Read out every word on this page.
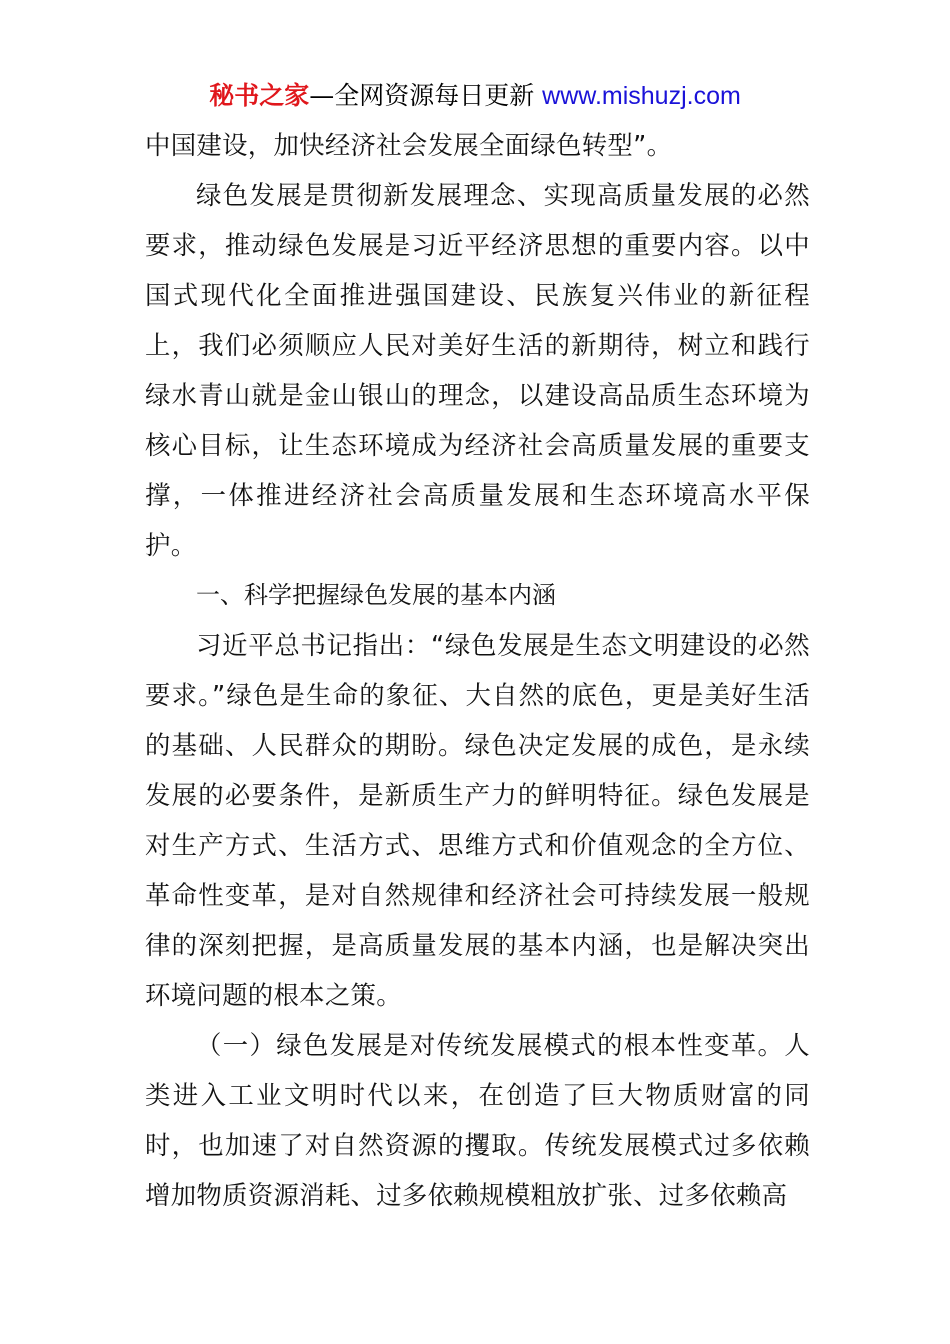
秘书之家—全网资源每日更新 www.mishuzj.com

中国建设，加快经济社会发展全面绿色转型”。

绿色发展是贯彻新发展理念、实现高质量发展的必然要求，推动绿色发展是习近平经济思想的重要内容。以中国式现代化全面推进强国建设、民族复兴伟业的新征程上，我们必须顺应人民对美好生活的新期待，树立和践行绿水青山就是金山银山的理念，以建设高品质生态环境为核心目标，让生态环境成为经济社会高质量发展的重要支撑，一体推进经济社会高质量发展和生态环境高水平保护。

一、科学把握绿色发展的基本内涵

习近平总书记指出：“绿色发展是生态文明建设的必然要求。”绿色是生命的象征、大自然的底色，更是美好生活的基础、人民群众的期盼。绿色决定发展的成色，是永续发展的必要条件，是新质生产力的鲜明特征。绿色发展是对生产方式、生活方式、思维方式和价值观念的全方位、革命性变革，是对自然规律和经济社会可持续发展一般规律的深刻把握，是高质量发展的基本内涵，也是解决突出环境问题的根本之策。

（一）绿色发展是对传统发展模式的根本性变革。人类进入工业文明时代以来，在创造了巨大物质财富的同时，也加速了对自然资源的攫取。传统发展模式过多依赖增加物质资源消耗、过多依赖规模粗放扩张、过多依赖高
